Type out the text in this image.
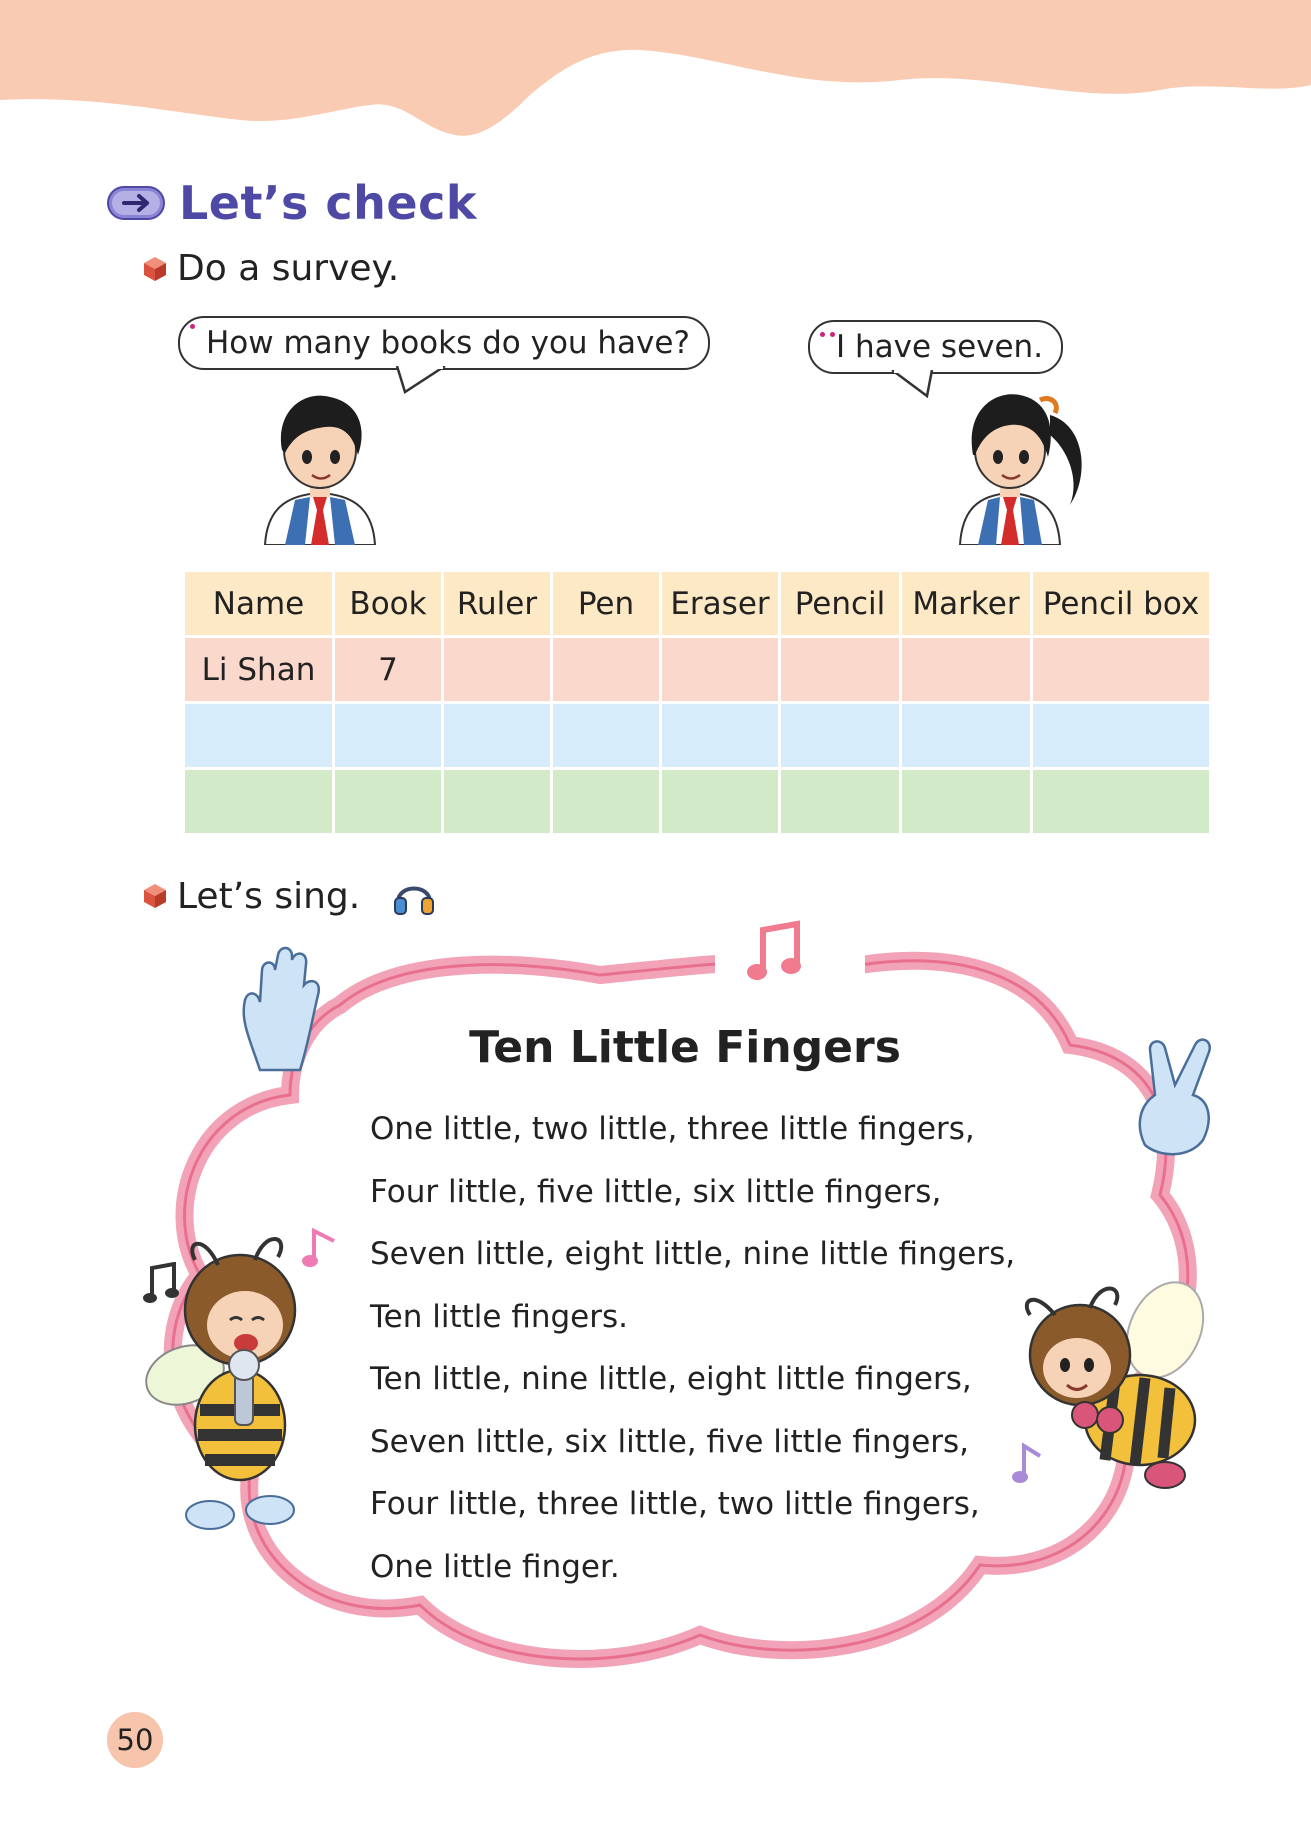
Let’s check
Do a survey.
How many books do you have?	I have seven.
Name	Book	Ruler	Pen	Eraser	Pencil	Marker	Pencil box
Li Shan	7						

Let’s sing.
Ten Little Fingers
One little, two little, three little fingers,
Four little, five little, six little fingers,
Seven little, eight little, nine little fingers,
Ten little fingers.
Ten little, nine little, eight little fingers,
Seven little, six little, five little fingers,
Four little, three little, two little fingers,
One little finger.
50
